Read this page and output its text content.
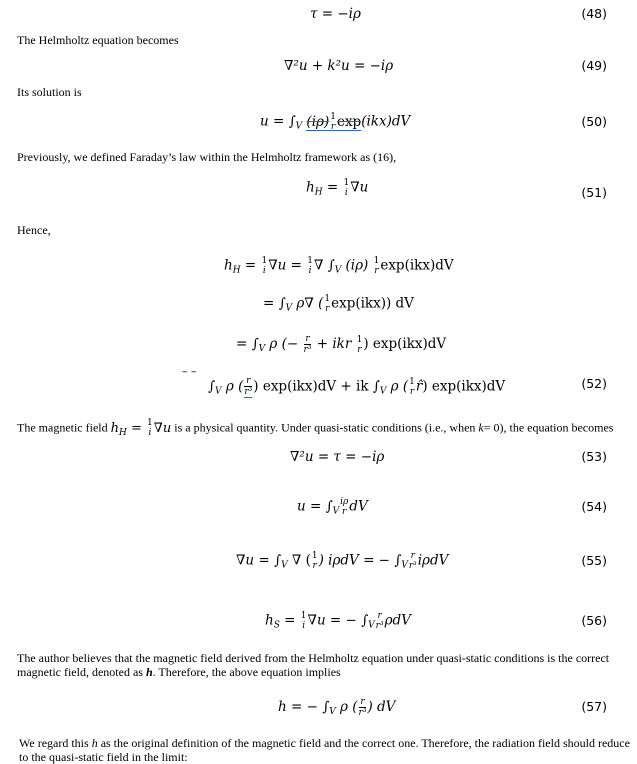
τ = −iρ	(48)
The Helmholtz equation becomes
∇²u + k²u = −iρ	(49)
Its solution is
$u = \int_V$ (iρ) 1
r exp(ikx)dV	(50)
Previously, we defined Faraday’s law within the Helmholtz framework as (16),
$h_H = 1$
i ∇u	(51)
Hence,
$h_H = 1$
i ∇u = 1
i ∇ $\int_V$ (iρ) 1
r exp(ikx)dV
= $\int_V$ ρ∇ ( 1
r exp(ikx)) dV
= $\int_V$ ρ (− $\frac{r}{\text{r³}}$ + ikr 1
r ) exp(ikx)dV
– –
$\int_V$ ρ ( $\frac{r}{\text{r³}}$ ) exp(ikx)dV + ik $\int_V$ ρ ( 1
r r̂) exp(ikx)dV	(52)
The magnetic field $h_H = 1$
i ∇u is a physical quantity. Under quasi-static conditions (i.e., when k= 0), the equation becomes
∇²u = τ = −iρ	(53)
$u = \int_V$
iρ
r dV	(54)
$\nabla u = \int_V$ ∇ ( 1
r ) iρdV = − $\int_V$
r
r³ iρdV	(55)
$h_S = 1$
i ∇u = − $\int_V$
r
r³ ρdV	(56)
The author believes that the magnetic field derived from the Helmholtz equation under quasi-static conditions is the correct magnetic field, denoted as h. Therefore, the above equation implies
h = − $\int_V$ ρ ( $\frac{r}{\text{r³}}$ ) dV	(57)
We regard this h as the original definition of the magnetic field and the correct one. Therefore, the radiation field should reduce to the quasi-static field in the limit:
